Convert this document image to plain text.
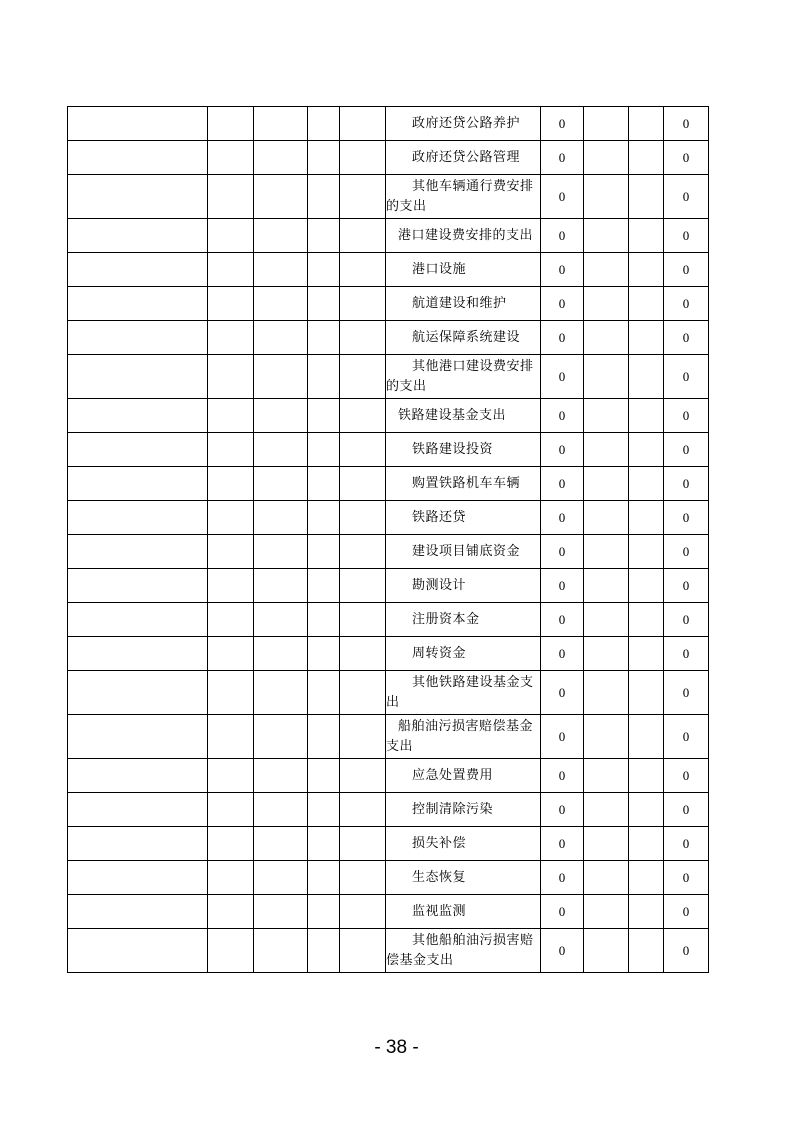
					政府还贷公路养护	0			0

					政府还贷公路管理	0			0

					其他车辆通行费安排的支出	0			0

					港口建设费安排的支出	0			0

					港口设施	0			0

					航道建设和维护	0			0

					航运保障系统建设	0			0

					其他港口建设费安排的支出	0			0

					铁路建设基金支出	0			0

					铁路建设投资	0			0

					购置铁路机车车辆	0			0

					铁路还贷	0			0

					建设项目铺底资金	0			0

					勘测设计	0			0

					注册资本金	0			0

					周转资金	0			0

					其他铁路建设基金支出	0			0

					船舶油污损害赔偿基金支出	0			0

					应急处置费用	0			0

					控制清除污染	0			0

					损失补偿	0			0

					生态恢复	0			0

					监视监测	0			0

					其他船舶油污损害赔偿基金支出	0			0
- 38 -
